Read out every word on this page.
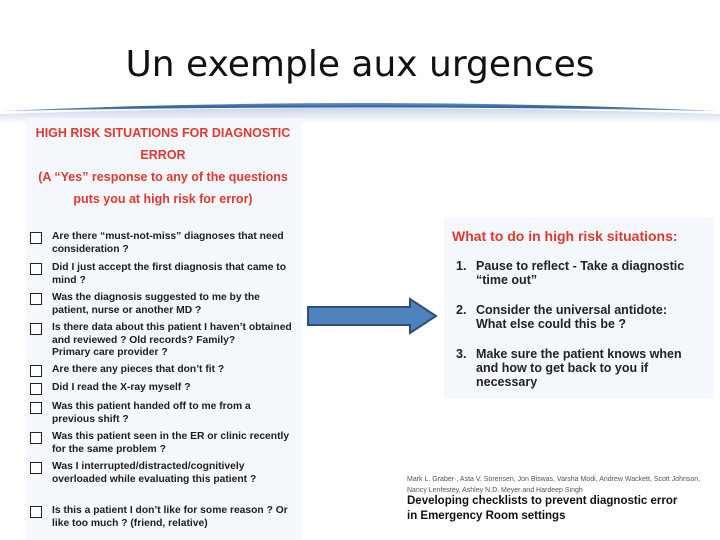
Un exemple aux urgences
HIGH RISK SITUATIONS FOR DIAGNOSTIC
ERROR
(A “Yes” response to any of the questions
puts you at high risk for error)
Are there “must-not-miss” diagnoses that need
consideration ?
Did I just accept the first diagnosis that came to
mind ?
Was the diagnosis suggested to me by the
patient, nurse or another MD ?
Is there data about this patient I haven’t obtained
and reviewed ? Old records? Family?
Primary care provider ?
Are there any pieces that don’t fit ?
Did I read the X-ray myself ?
Was this patient handed off to me from a
previous shift ?
Was this patient seen in the ER or clinic recently
for the same problem ?
Was I interrupted/distracted/cognitively
overloaded while evaluating this patient ?
Is this a patient I don’t like for some reason ? Or
like too much ? (friend, relative)
What to do in high risk situations:
1. Pause to reflect - Take a diagnostic
“time out”
2. Consider the universal antidote:
What else could this be ?
3. Make sure the patient knows when
and how to get back to you if
necessary
Mark L. Graber·, Asta V. Sorensen, Jon Biswas, Varsha Modi, Andrew Wackett, Scott Johnson,
Nancy Lenfestey, Ashley N.D. Meyer and Hardeep Singh
Developing checklists to prevent diagnostic error
in Emergency Room settings
